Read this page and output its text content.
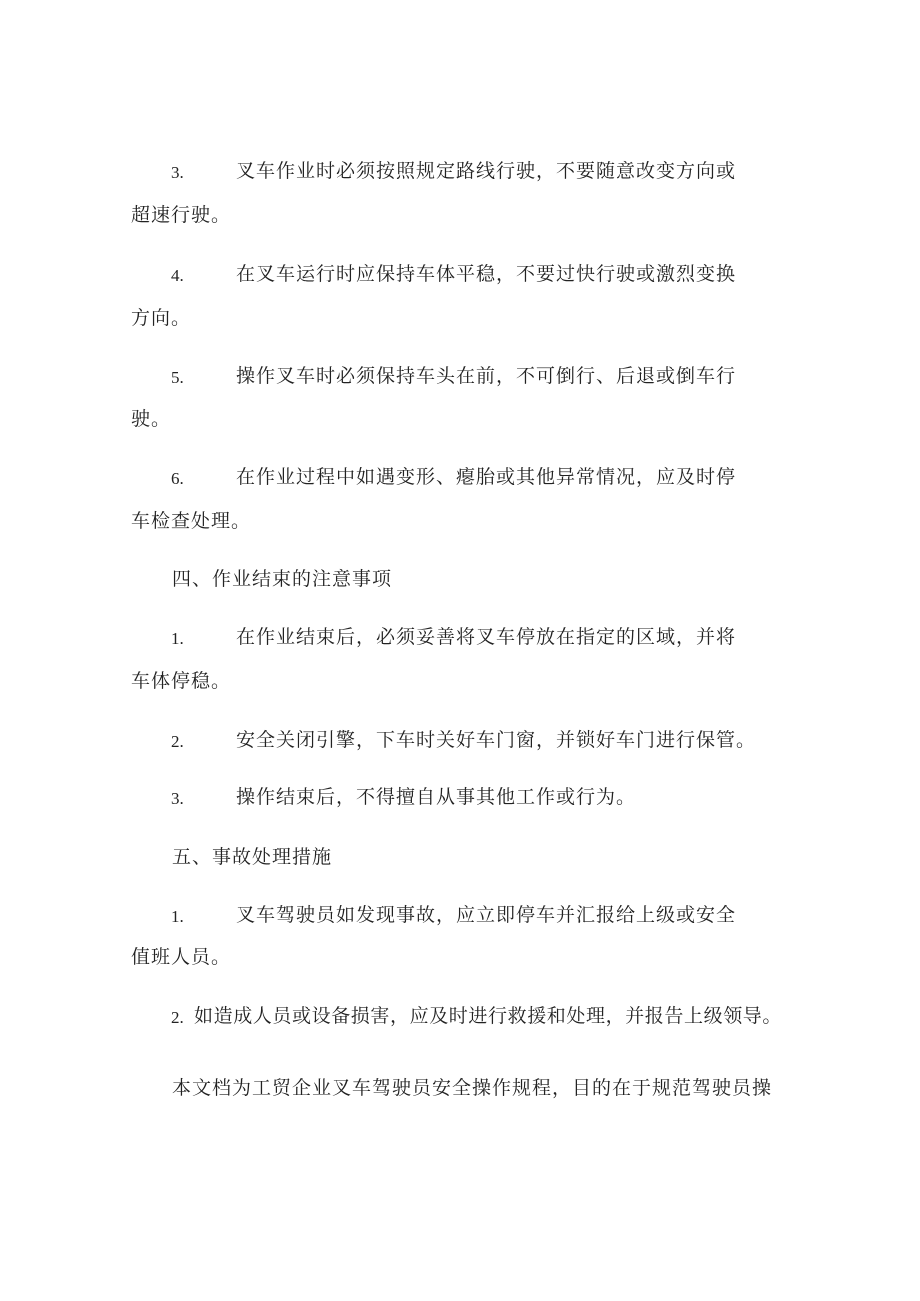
3.	叉车作业时必须按照规定路线行驶，不要随意改变方向或
超速行驶。
4.	在叉车运行时应保持车体平稳，不要过快行驶或激烈变换
方向。
5.	操作叉车时必须保持车头在前，不可倒行、后退或倒车行
驶。
6.	在作业过程中如遇变形、瘪胎或其他异常情况，应及时停
车检查处理。
四、作业结束的注意事项
1.	在作业结束后，必须妥善将叉车停放在指定的区域，并将
车体停稳。
2.	安全关闭引擎，下车时关好车门窗，并锁好车门进行保管。
3.	操作结束后，不得擅自从事其他工作或行为。
五、事故处理措施
1.	叉车驾驶员如发现事故，应立即停车并汇报给上级或安全
值班人员。
2. 如造成人员或设备损害，应及时进行救援和处理，并报告上级领导。
本文档为工贸企业叉车驾驶员安全操作规程，目的在于规范驾驶员操
